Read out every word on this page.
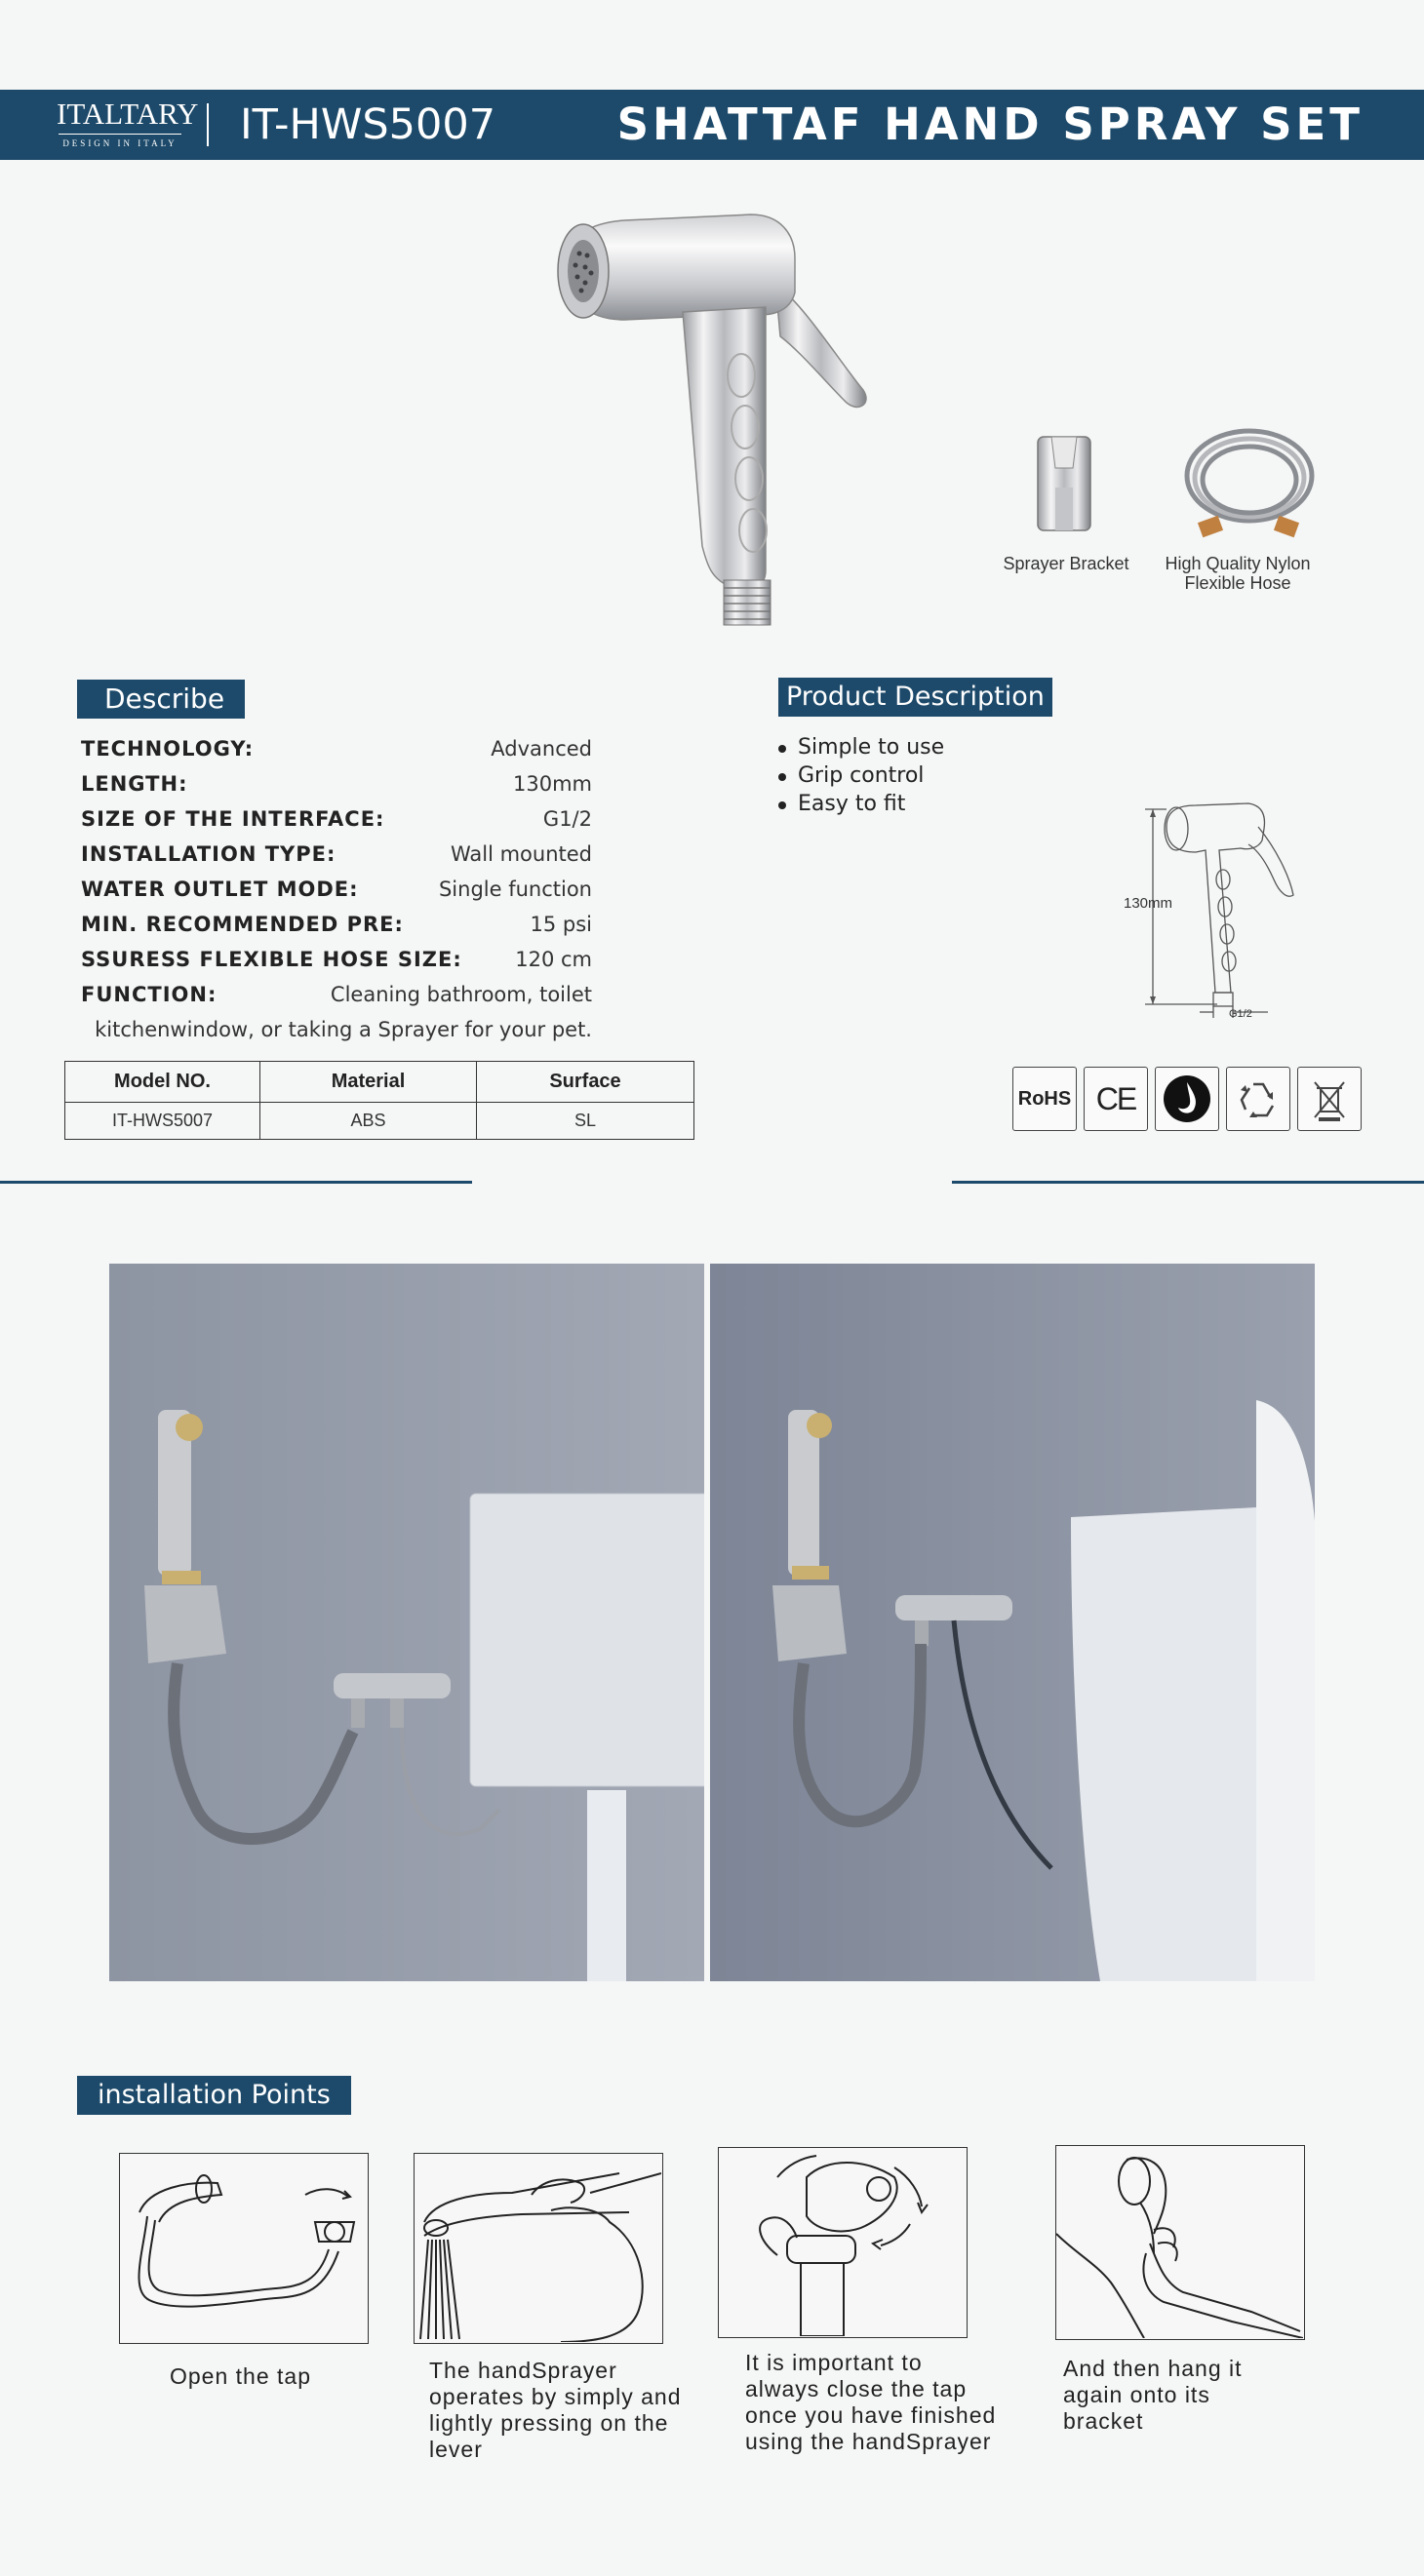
ITALTARY
DESIGN IN ITALY IT-HWS5007	SHATTAF HAND SPRAY SET
Sprayer Bracket	High Quality Nylon Flexible Hose
Describe
TECHNOLOGY:	Advanced
LENGTH:	130mm
SIZE OF THE INTERFACE:	G1/2
INSTALLATION TYPE:	Wall mounted
WATER OUTLET MODE:	Single function
MIN. RECOMMENDED PRE:	15 psi
SSURESS FLEXIBLE HOSE SIZE:	120 cm
FUNCTION:	Cleaning bathroom, toilet
kitchenwindow, or taking a Sprayer for your pet.
Model NO.	Material	Surface
IT-HWS5007	ABS	SL
Product Description
Simple to use
Grip control
Easy to fit
130mm
G1/2
RoHS CE
installation Points
Open the tap	The handSprayer operates by simply and lightly pressing on the lever
It is important to always close the tap once you have finished using the handSprayer
And then hang it again onto its bracket
